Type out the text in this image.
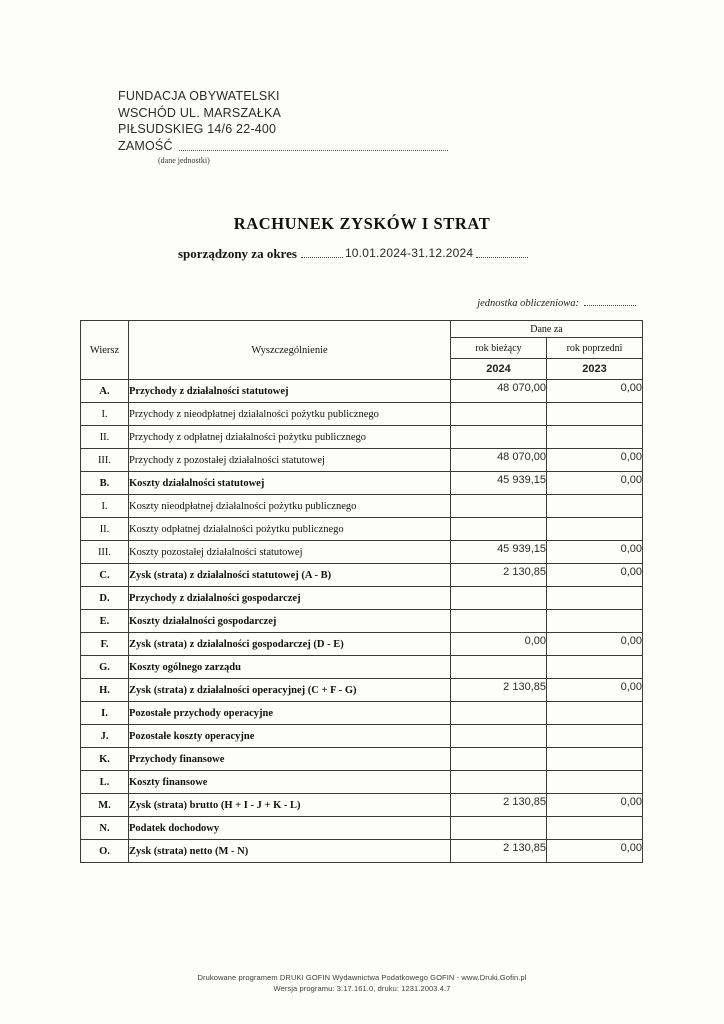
FUNDACJA OBYWATELSKI
WSCHÓD UL. MARSZAŁKA
PIŁSUDSKIEG 14/6 22-400
ZAMOŚĆ
(dane jednostki)
RACHUNEK ZYSKÓW I STRAT
sporządzony za okres	10.01.2024-31.12.2024
jednostka obliczeniowa:
Wiersz	Wyszczególnienie	Dane za	
		rok bieżący	rok poprzedni
		2024	2023
A.	Przychody z działalności statutowej	48 070,00	0,00
I.	Przychody z nieodpłatnej działalności pożytku publicznego		
II.	Przychody z odpłatnej działalności pożytku publicznego		
III.	Przychody z pozostałej działalności statutowej	48 070,00	0,00
B.	Koszty działalności statutowej	45 939,15	0,00
I.	Koszty nieodpłatnej działalności pożytku publicznego		
II.	Koszty odpłatnej działalności pożytku publicznego		
III.	Koszty pozostałej działalności statutowej	45 939,15	0,00
C.	Zysk (strata) z działalności statutowej (A - B)	2 130,85	0,00
D.	Przychody z działalności gospodarczej		
E.	Koszty działalności gospodarczej		
F.	Zysk (strata) z działalności gospodarczej (D - E)	0,00	0,00
G.	Koszty ogólnego zarządu		
H.	Zysk (strata) z działalności operacyjnej (C + F - G)	2 130,85	0,00
I.	Pozostałe przychody operacyjne		
J.	Pozostałe koszty operacyjne		
K.	Przychody finansowe		
L.	Koszty finansowe		
M.	Zysk (strata) brutto (H + I - J + K - L)	2 130,85	0,00
N.	Podatek dochodowy		
O.	Zysk (strata) netto (M - N)	2 130,85	0,00
Drukowane programem DRUKI GOFIN Wydawnictwa Podatkowego GOFIN - www.Druki.Gofin.pl
Wersja programu: 3.17.161.0, druku: 1231.2003.4.7
